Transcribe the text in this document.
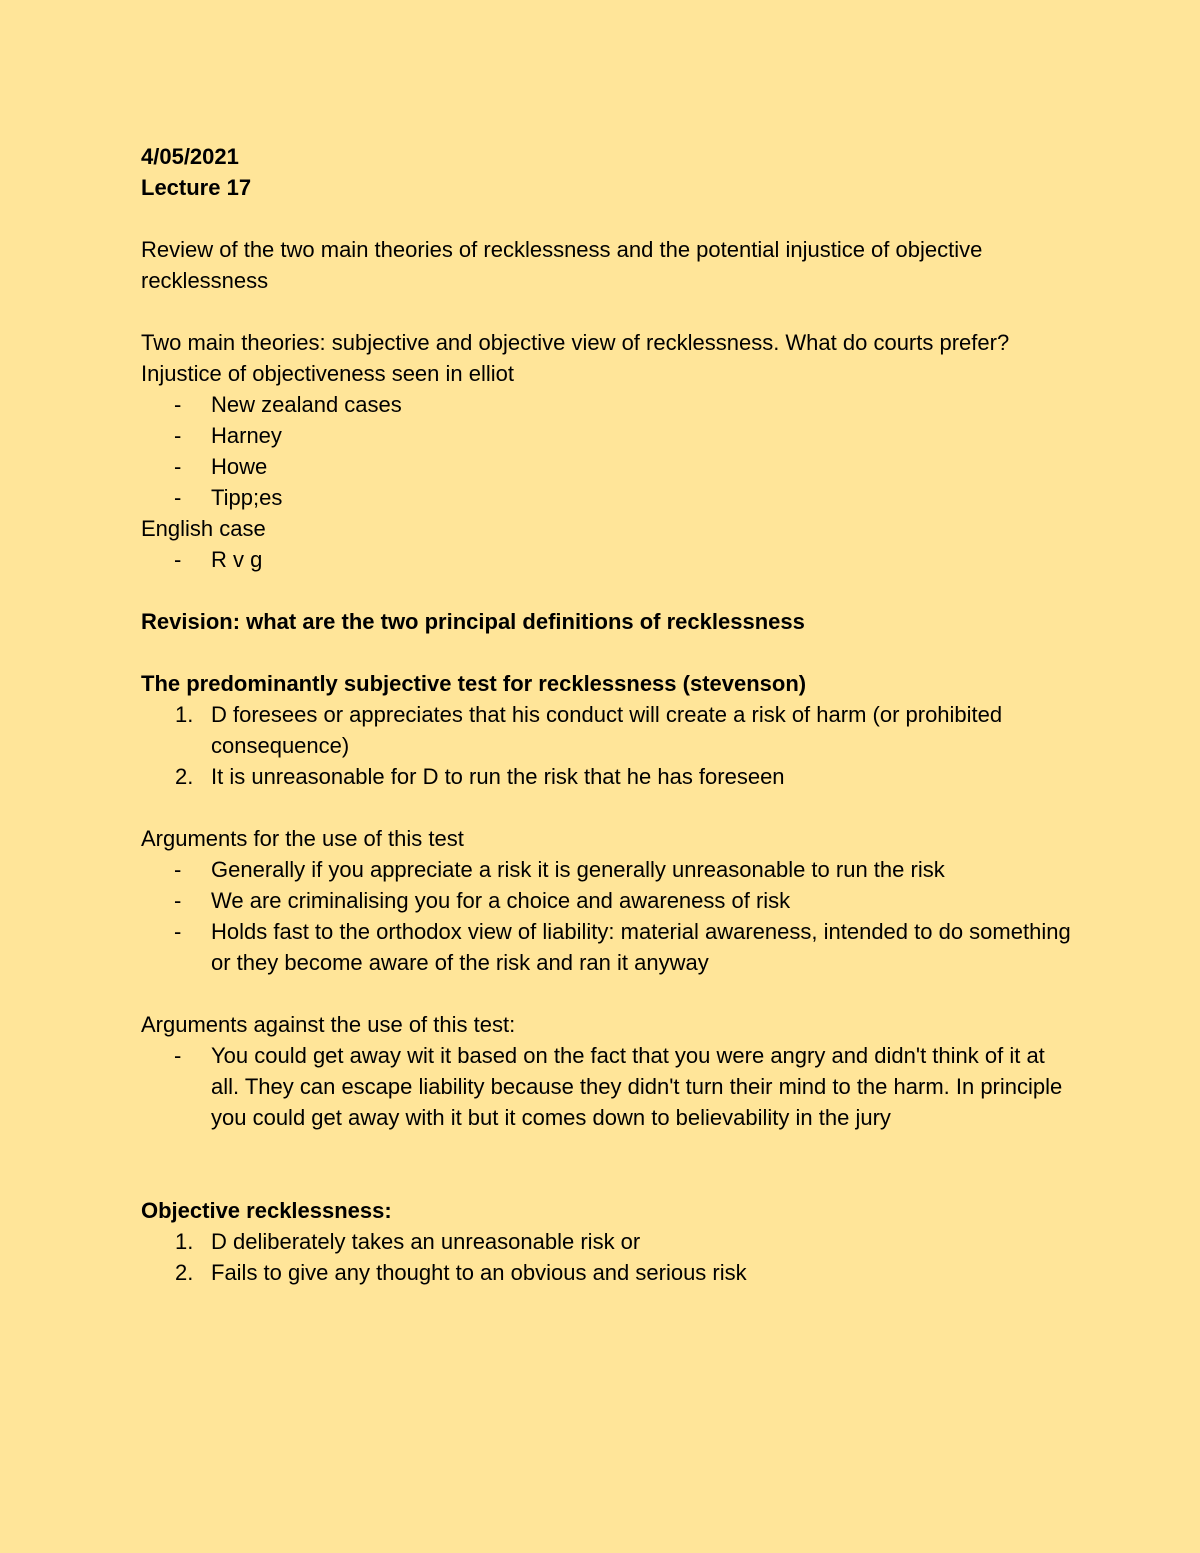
4/05/2021

Lecture 17

Review of the two main theories of recklessness and the potential injustice of objective recklessness

Two main theories: subjective and objective view of recklessness. What do courts prefer? Injustice of objectiveness seen in elliot

- New zealand cases
- Harney
- Howe
- Tipp;es

English case

- R v g

Revision: what are the two principal definitions of recklessness

The predominantly subjective test for recklessness (stevenson)

1. D foresees or appreciates that his conduct will create a risk of harm (or prohibited consequence)
2. It is unreasonable for D to run the risk that he has foreseen

Arguments for the use of this test

- Generally if you appreciate a risk it is generally unreasonable to run the risk
- We are criminalising you for a choice and awareness of risk
- Holds fast to the orthodox view of liability: material awareness, intended to do something or they become aware of the risk and ran it anyway

Arguments against the use of this test:

- You could get away wit it based on the fact that you were angry and didn't think of it at all. They can escape liability because they didn't turn their mind to the harm. In principle you could get away with it but it comes down to believability in the jury

Objective recklessness:

1. D deliberately takes an unreasonable risk or
2. Fails to give any thought to an obvious and serious risk
